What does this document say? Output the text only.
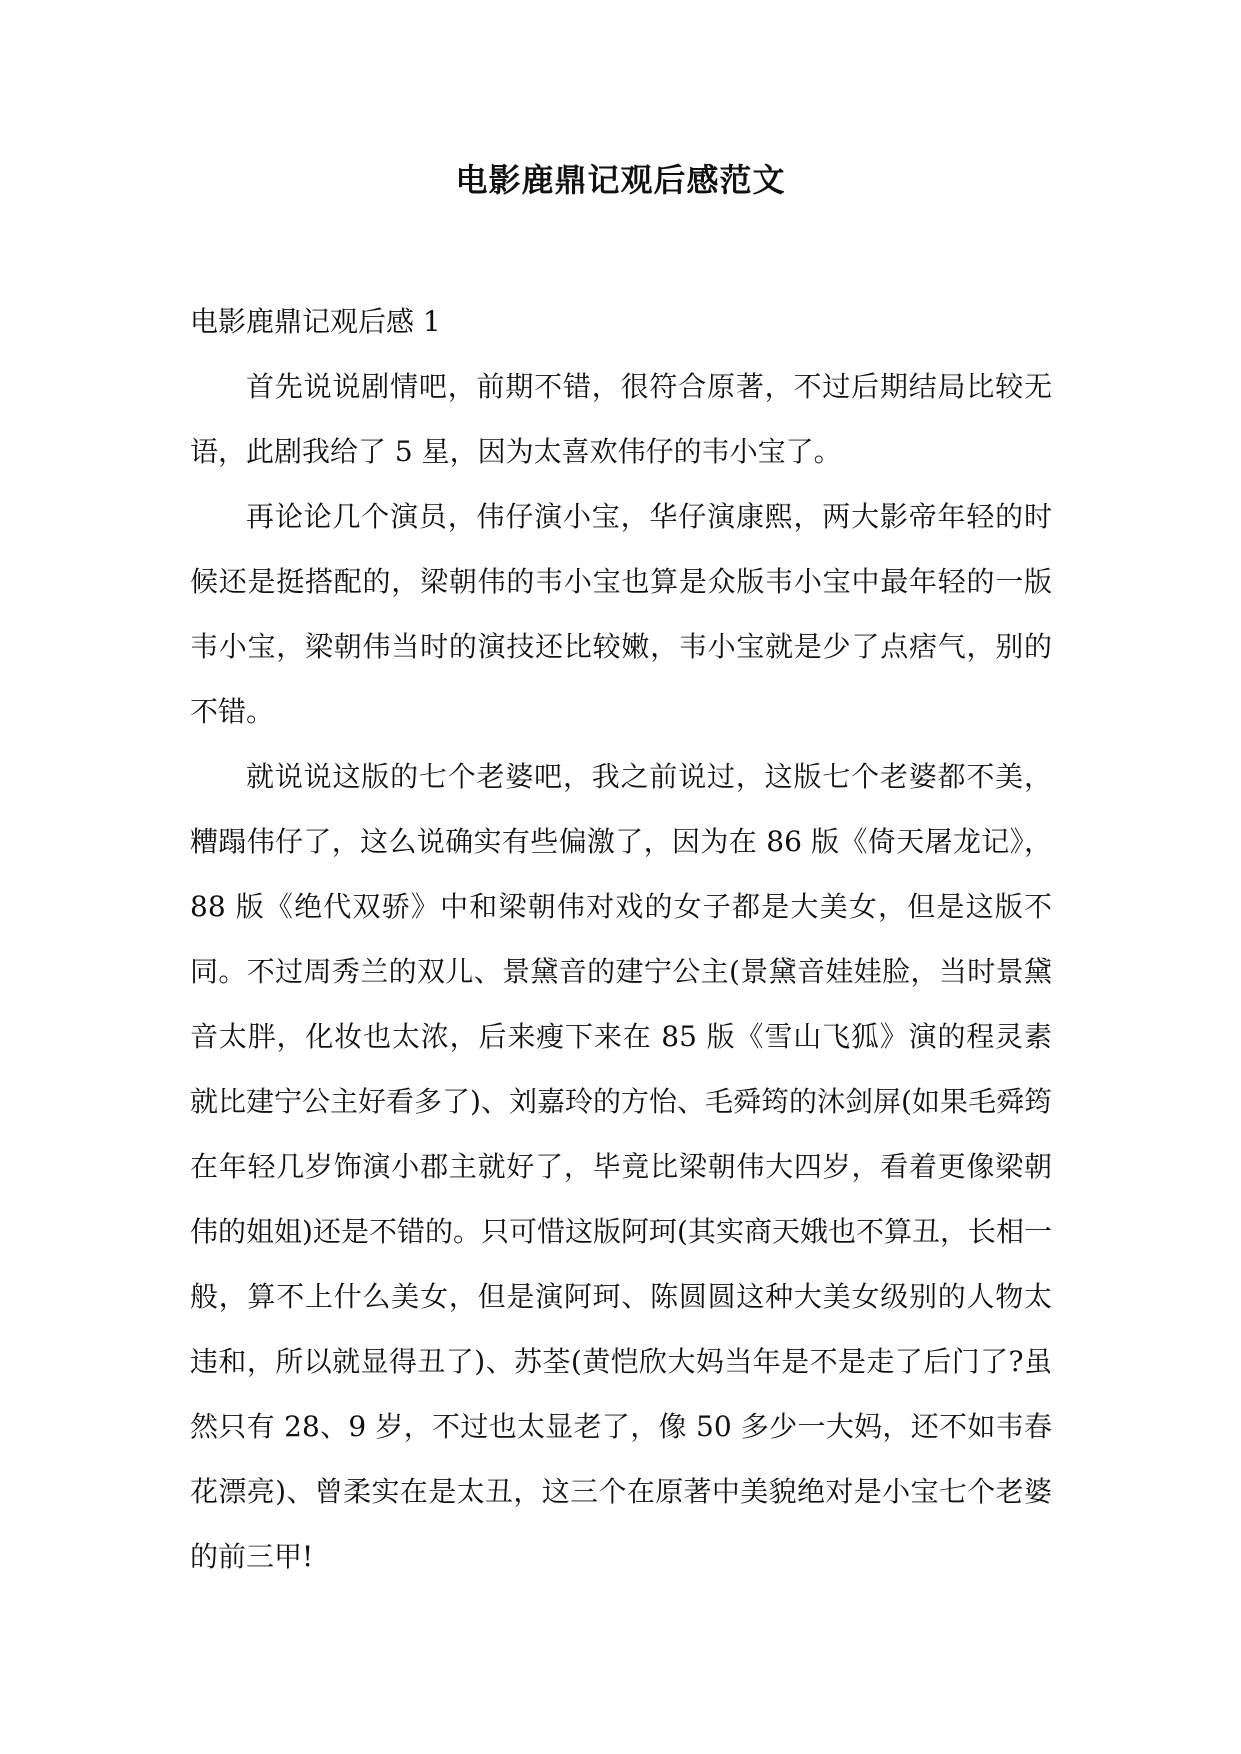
电影鹿鼎记观后感范文

电影鹿鼎记观后感 1

首先说说剧情吧，前期不错，很符合原著，不过后期结局比较无语，此剧我给了 5 星，因为太喜欢伟仔的韦小宝了。

再论论几个演员，伟仔演小宝，华仔演康熙，两大影帝年轻的时候还是挺搭配的，梁朝伟的韦小宝也算是众版韦小宝中最年轻的一版韦小宝，梁朝伟当时的演技还比较嫩，韦小宝就是少了点痞气，别的不错。

就说说这版的七个老婆吧，我之前说过，这版七个老婆都不美，糟蹋伟仔了，这么说确实有些偏激了，因为在 86 版《倚天屠龙记》，88 版《绝代双骄》中和梁朝伟对戏的女子都是大美女，但是这版不同。不过周秀兰的双儿、景黛音的建宁公主(景黛音娃娃脸，当时景黛音太胖，化妆也太浓，后来瘦下来在 85 版《雪山飞狐》演的程灵素就比建宁公主好看多了)、刘嘉玲的方怡、毛舜筠的沐剑屏(如果毛舜筠在年轻几岁饰演小郡主就好了，毕竟比梁朝伟大四岁，看着更像梁朝伟的姐姐)还是不错的。只可惜这版阿珂(其实商天娥也不算丑，长相一般，算不上什么美女，但是演阿珂、陈圆圆这种大美女级别的人物太违和，所以就显得丑了)、苏荃(黄恺欣大妈当年是不是走了后门了?虽然只有 28、9 岁，不过也太显老了，像 50 多少一大妈，还不如韦春花漂亮)、曾柔实在是太丑，这三个在原著中美貌绝对是小宝七个老婆的前三甲!
